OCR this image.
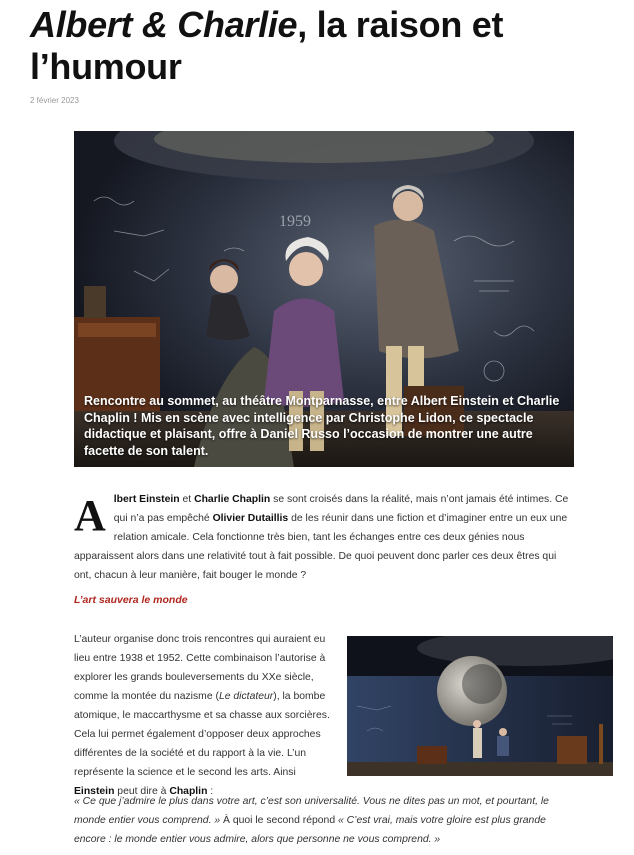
Albert & Charlie, la raison et l’humour
2 février 2023
1959
Rencontre au sommet, au théâtre Montparnasse, entre Albert Einstein et Charlie Chaplin ! Mis en scène avec intelligence par Christophe Lidon, ce spectacle didactique et plaisant, offre à Daniel Russo l’occasion de montrer une autre facette de son talent.
Albert Einstein et Charlie Chaplin se sont croisés dans la réalité, mais n’ont jamais été intimes. Ce qui n’a pas empêché Olivier Dutaillis de les réunir dans une fiction et d’imaginer entre un eux une relation amicale. Cela fonctionne très bien, tant les échanges entre ces deux génies nous apparaissent alors dans une relativité tout à fait possible. De quoi peuvent donc parler ces deux êtres qui ont, chacun à leur manière, fait bouger le monde ?
L’art sauvera le monde
L’auteur organise donc trois rencontres qui auraient eu lieu entre 1938 et 1952. Cette combinaison l’autorise à explorer les grands bouleversements du XXe siècle, comme la montée du nazisme (Le dictateur), la bombe atomique, le maccarthysme et sa chasse aux sorcières. Cela lui permet également d’opposer deux approches différentes de la société et du rapport à la vie. L’un représente la science et le second les arts. Ainsi Einstein peut dire à Chaplin :
« Ce que j’admire le plus dans votre art, c’est son universalité. Vous ne dites pas un mot, et pourtant, le monde entier vous comprend. » À quoi le second répond « C’est vrai, mais votre gloire est plus grande encore : le monde entier vous admire, alors que personne ne vous comprend. »
